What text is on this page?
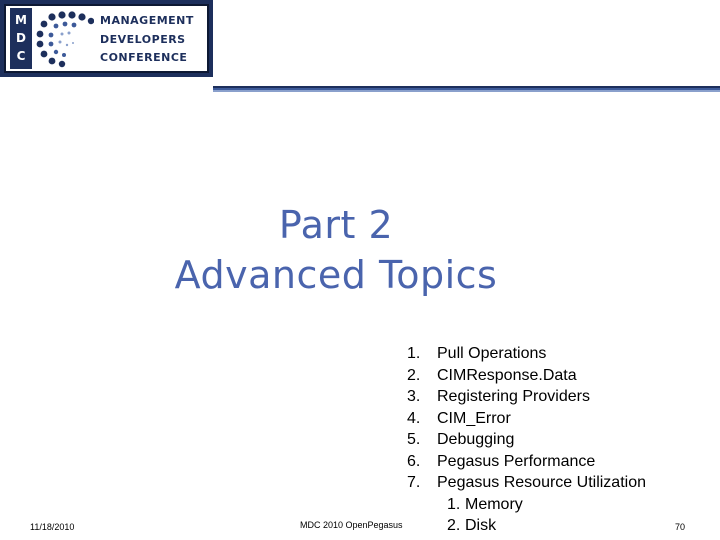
M
D
C
MANAGEMENT
DEVELOPERS
CONFERENCE
Part 2
Advanced Topics
1. Pull Operations
2. CIMResponse.Data
3. Registering Providers
4. CIM_Error
5. Debugging
6. Pegasus Performance
7. Pegasus Resource Utilization
1. Memory
2. Disk
11/18/2010	MDC 2010 OpenPegasus	70
